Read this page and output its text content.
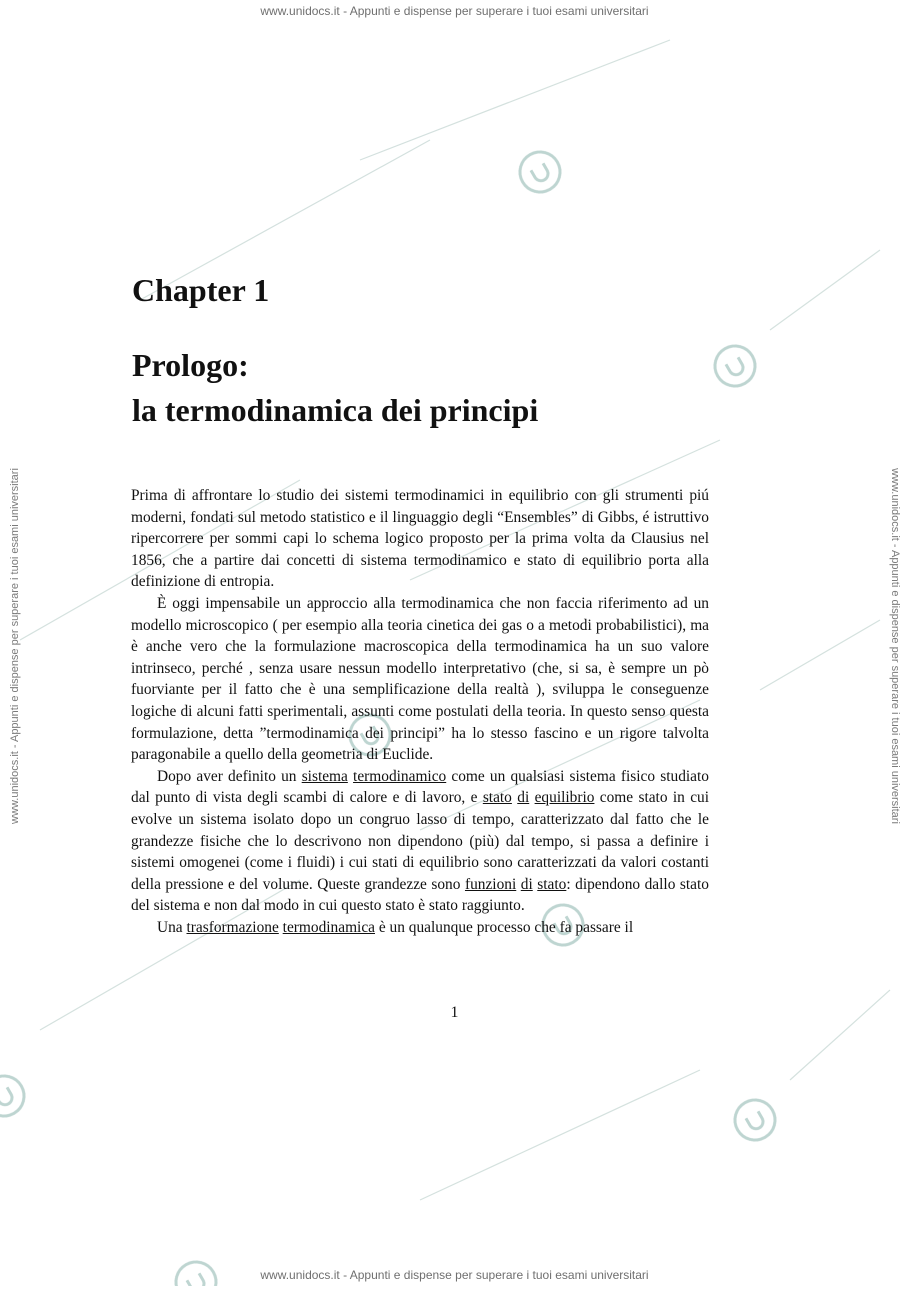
www.unidocs.it - Appunti e dispense per superare i tuoi esami universitari
www.unidocs.it - Appunti e dispense per superare i tuoi esami universitari
www.unidocs.it - Appunti e dispense per superare i tuoi esami universitari	www.unidocs.it - Appunti e dispense per superare i tuoi esami universitari
Chapter 1
Prologo:
la termodinamica dei principi

Prima di affrontare lo studio dei sistemi termodinamici in equilibrio con gli strumenti piú moderni, fondati sul metodo statistico e il linguaggio degli “Ensembles” di Gibbs, é istruttivo ripercorrere per sommi capi lo schema logico proposto per la prima volta da Clausius nel 1856, che a partire dai concetti di sistema termodinamico e stato di equilibrio porta alla definizione di entropia.

È oggi impensabile un approccio alla termodinamica che non faccia riferimento ad un modello microscopico ( per esempio alla teoria cinetica dei gas o a metodi probabilistici), ma è anche vero che la formulazione macroscopica della termodinamica ha un suo valore intrinseco, perché , senza usare nessun modello interpretativo (che, si sa, è sempre un pò fuorviante per il fatto che è una semplificazione della realtà ), sviluppa le conseguenze logiche di alcuni fatti sperimentali, assunti come postulati della teoria. In questo senso questa formulazione, detta ”termodinamica dei principi” ha lo stesso fascino e un rigore talvolta paragonabile a quello della geometria di Euclide.

Dopo aver definito un sistema termodinamico come un qualsiasi sistema fisico studiato dal punto di vista degli scambi di calore e di lavoro, e stato di equilibrio come stato in cui evolve un sistema isolato dopo un congruo lasso di tempo, caratterizzato dal fatto che le grandezze fisiche che lo descrivono non dipendono (più) dal tempo, si passa a definire i sistemi omogenei (come i fluidi) i cui stati di equilibrio sono caratterizzati da valori costanti della pressione e del volume. Queste grandezze sono funzioni di stato: dipendono dallo stato del sistema e non dal modo in cui questo stato è stato raggiunto.

Una trasformazione termodinamica è un qualunque processo che fa passare il

1
